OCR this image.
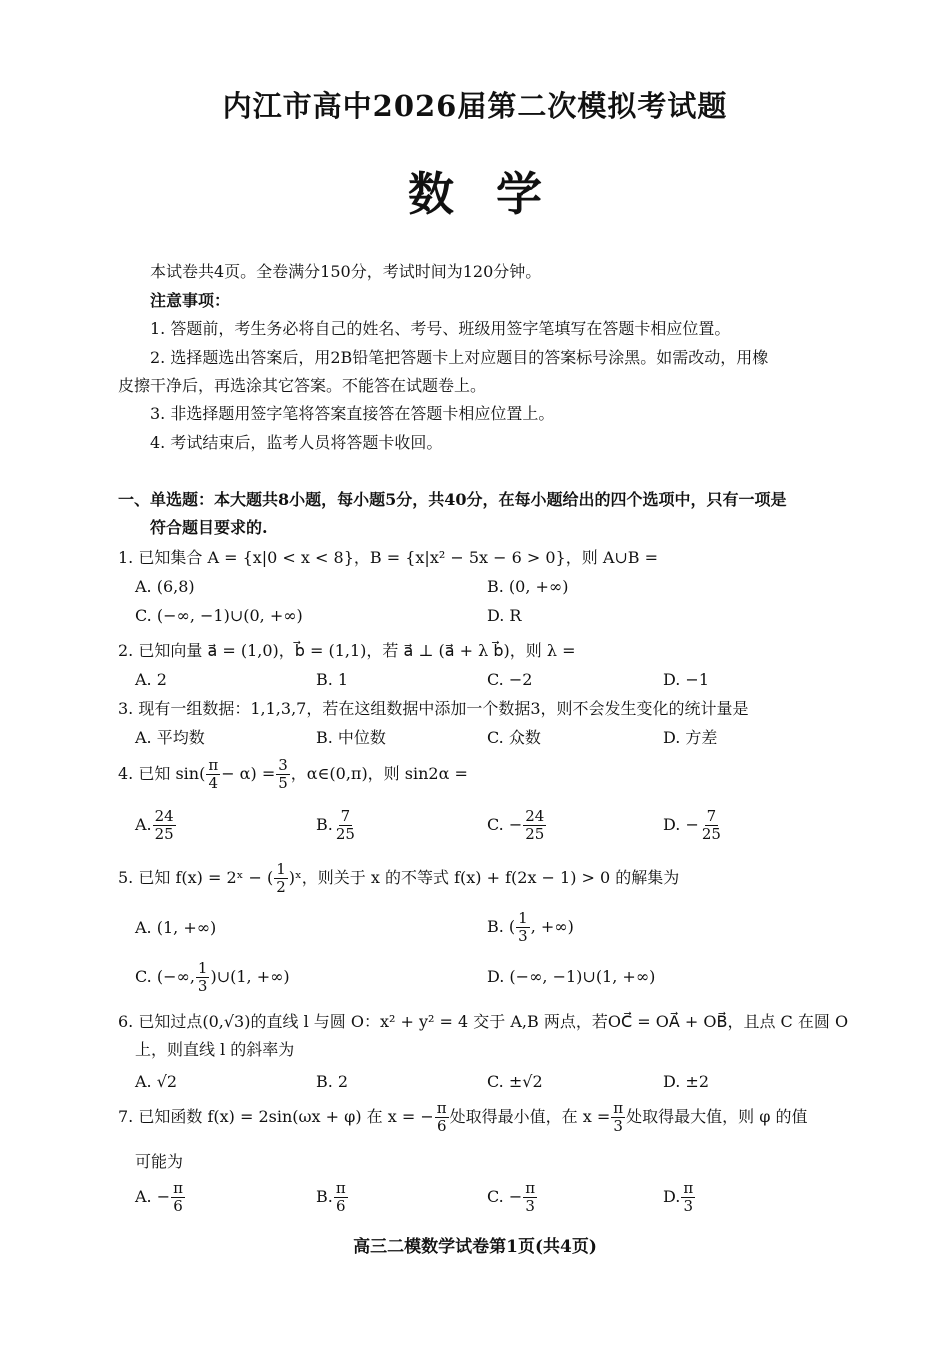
内江市高中2026届第二次模拟考试题
数学
本试卷共4页。全卷满分150分，考试时间为120分钟。
注意事项：
1. 答题前，考生务必将自己的姓名、考号、班级用签字笔填写在答题卡相应位置。
2. 选择题选出答案后，用2B铅笔把答题卡上对应题目的答案标号涂黑。如需改动，用橡
皮擦干净后，再选涂其它答案。不能答在试题卷上。
3. 非选择题用签字笔将答案直接答在答题卡相应位置上。
4. 考试结束后，监考人员将答题卡收回。
一、单选题：本大题共8小题，每小题5分，共40分，在每小题给出的四个选项中，只有一项是
符合题目要求的.
1. 已知集合 A = {x|0 < x < 8}，B = {x|x² − 5x − 6 > 0}，则 A∪B =
A. (6,8)	B. (0, +∞)
C. (−∞, −1)∪(0, +∞)	D. R
2. 已知向量 a⃗ = (1,0)，b⃗ = (1,1)，若 a⃗ ⊥ (a⃗ + λ b⃗)，则 λ =
A. 2	B. 1	C. −2	D. −1
3. 现有一组数据：1,1,3,7，若在这组数据中添加一个数据3，则不会发生变化的统计量是
A. 平均数	B. 中位数	C. 众数	D. 方差
4. 已知 $\sin( \frac{\pi}{4} - \alpha) = \frac{3}{5}$ ，α∈(0,π)，则 sin2α =
A. $\frac{24}{25}$	B. $\frac{7}{25}$	C. − $\frac{24}{25}$	D. − $\frac{7}{25}$
5. 已知 f(x) = 2ˣ − ( $\frac{1}{2}$ )ˣ，则关于 x 的不等式 f(x) + f(2x − 1) > 0 的解集为
A. (1, +∞)	B. ( $\frac{1}{3}$ , +∞)
C. (−∞, $\frac{1}{3}$ )∪(1, +∞)	D. (−∞, −1)∪(1, +∞)
6. 已知过点(0,√3)的直线 l 与圆 O：x² + y² = 4 交于 A,B 两点，若OC⃗ = OA⃗ + OB⃗，且点 C 在圆 O
上，则直线 l 的斜率为
A. √2	B. 2	C. ±√2	D. ±2
7. 已知函数 f(x) = 2sin(ωx + φ) 在 x = − $\frac{\pi}{6}$ 处取得最小值，在 $x = \frac{\pi}{3}$ 处取得最大值，则 φ 的值
可能为
A. − $\frac{\pi}{6}$	B. $\frac{\pi}{6}$	C. − $\frac{\pi}{3}$	D. $\frac{\pi}{3}$
高三二模数学试卷第1页(共4页)
